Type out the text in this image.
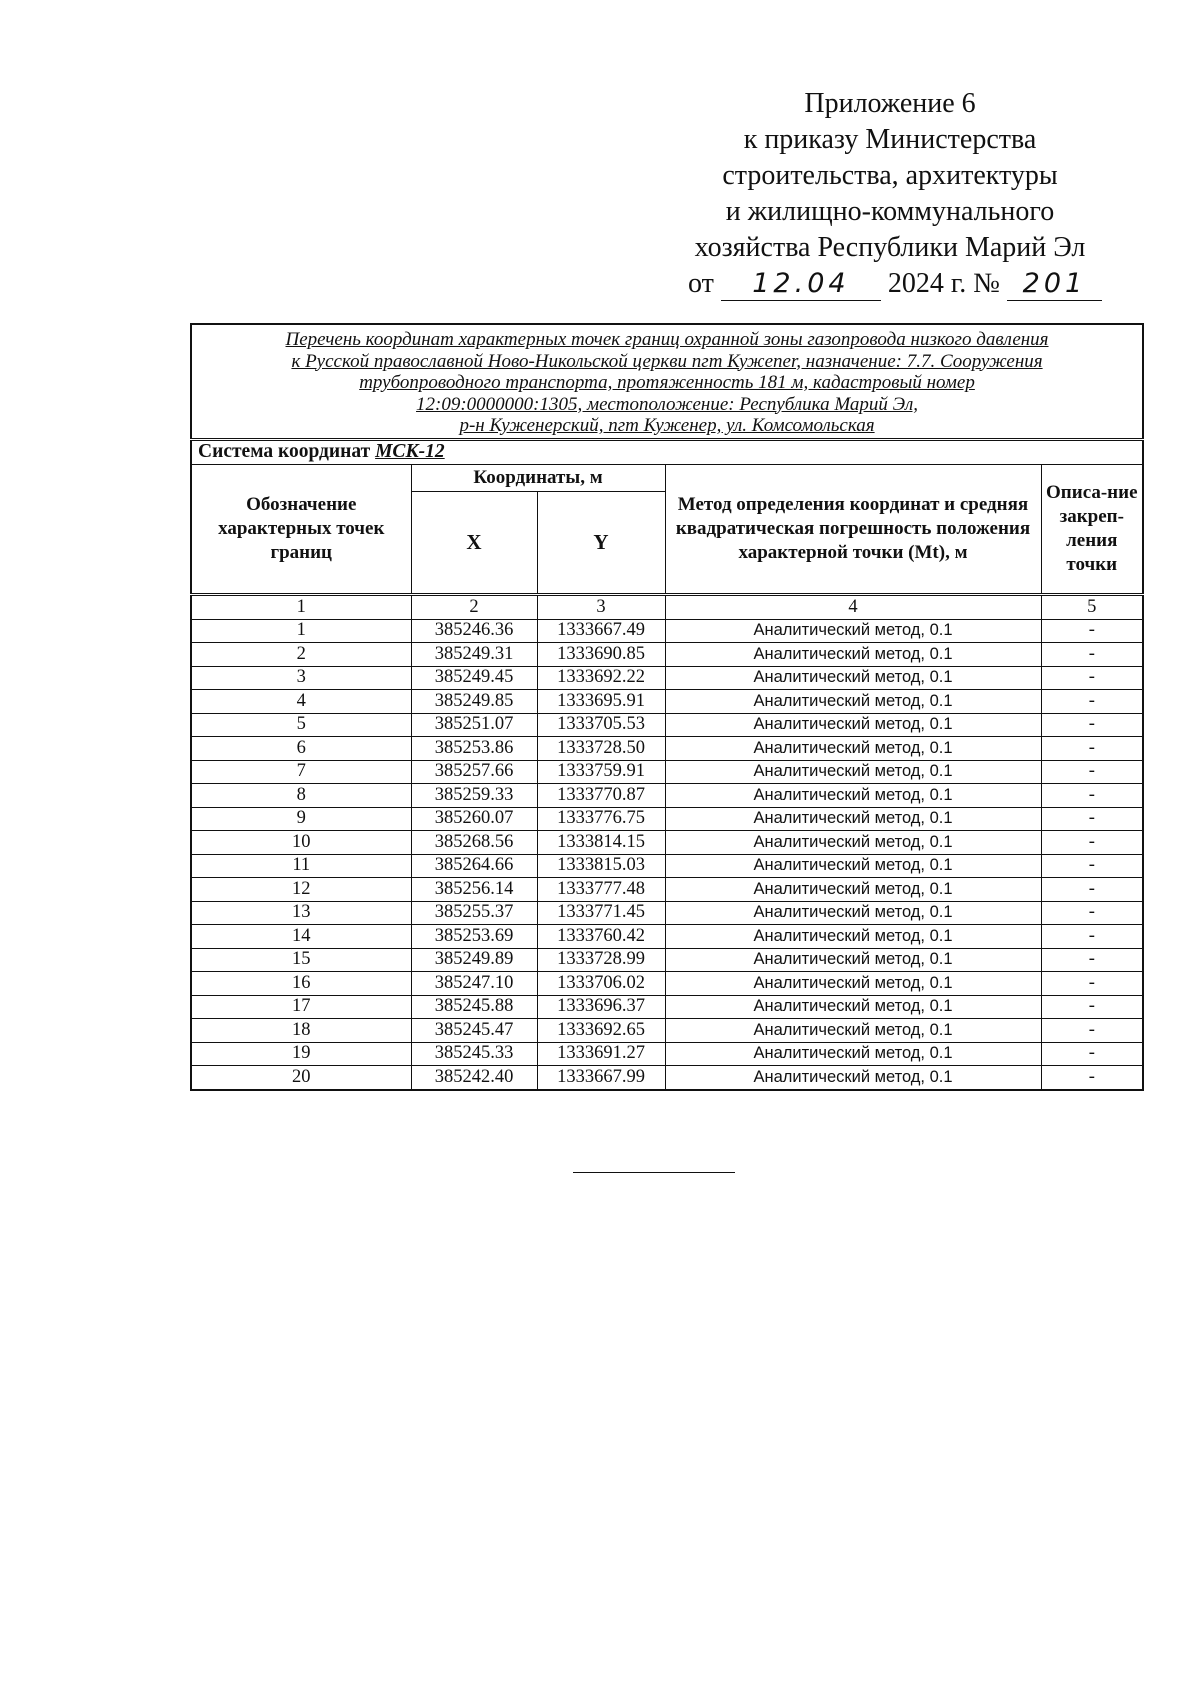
Приложение 6
к приказу Министерства
строительства, архитектуры
и жилищно-коммунального
хозяйства Республики Марий Эл
от 12.04 2024 г. № 201
Перечень координат характерных точек границ охранной зоны газопровода низкого давления
к Русской православной Ново-Никольской церкви пгт Кужener, назначение: 7.7. Сооружения
трубопроводного транспорта, протяженность 181 м, кадастровый номер
12:09:0000000:1305, местоположение: Республика Марий Эл,
р-н Куженерский, пгт Куженер, ул. Комсомольская				

Система координат МСК-12				
Обозначение характерных точек границ	Координаты, м		Метод определения координат и средняя квадратическая погрешность положения характерной точки (Mt), м	Описа-ние закреп-ления точки
	X	Y		
1	2	3	4	5
1	385246.36	1333667.49	Аналитический метод, 0.1	-
2	385249.31	1333690.85	Аналитический метод, 0.1	-
3	385249.45	1333692.22	Аналитический метод, 0.1	-
4	385249.85	1333695.91	Аналитический метод, 0.1	-
5	385251.07	1333705.53	Аналитический метод, 0.1	-
6	385253.86	1333728.50	Аналитический метод, 0.1	-
7	385257.66	1333759.91	Аналитический метод, 0.1	-
8	385259.33	1333770.87	Аналитический метод, 0.1	-
9	385260.07	1333776.75	Аналитический метод, 0.1	-
10	385268.56	1333814.15	Аналитический метод, 0.1	-
11	385264.66	1333815.03	Аналитический метод, 0.1	-
12	385256.14	1333777.48	Аналитический метод, 0.1	-
13	385255.37	1333771.45	Аналитический метод, 0.1	-
14	385253.69	1333760.42	Аналитический метод, 0.1	-
15	385249.89	1333728.99	Аналитический метод, 0.1	-
16	385247.10	1333706.02	Аналитический метод, 0.1	-
17	385245.88	1333696.37	Аналитический метод, 0.1	-
18	385245.47	1333692.65	Аналитический метод, 0.1	-
19	385245.33	1333691.27	Аналитический метод, 0.1	-
20	385242.40	1333667.99	Аналитический метод, 0.1	-
